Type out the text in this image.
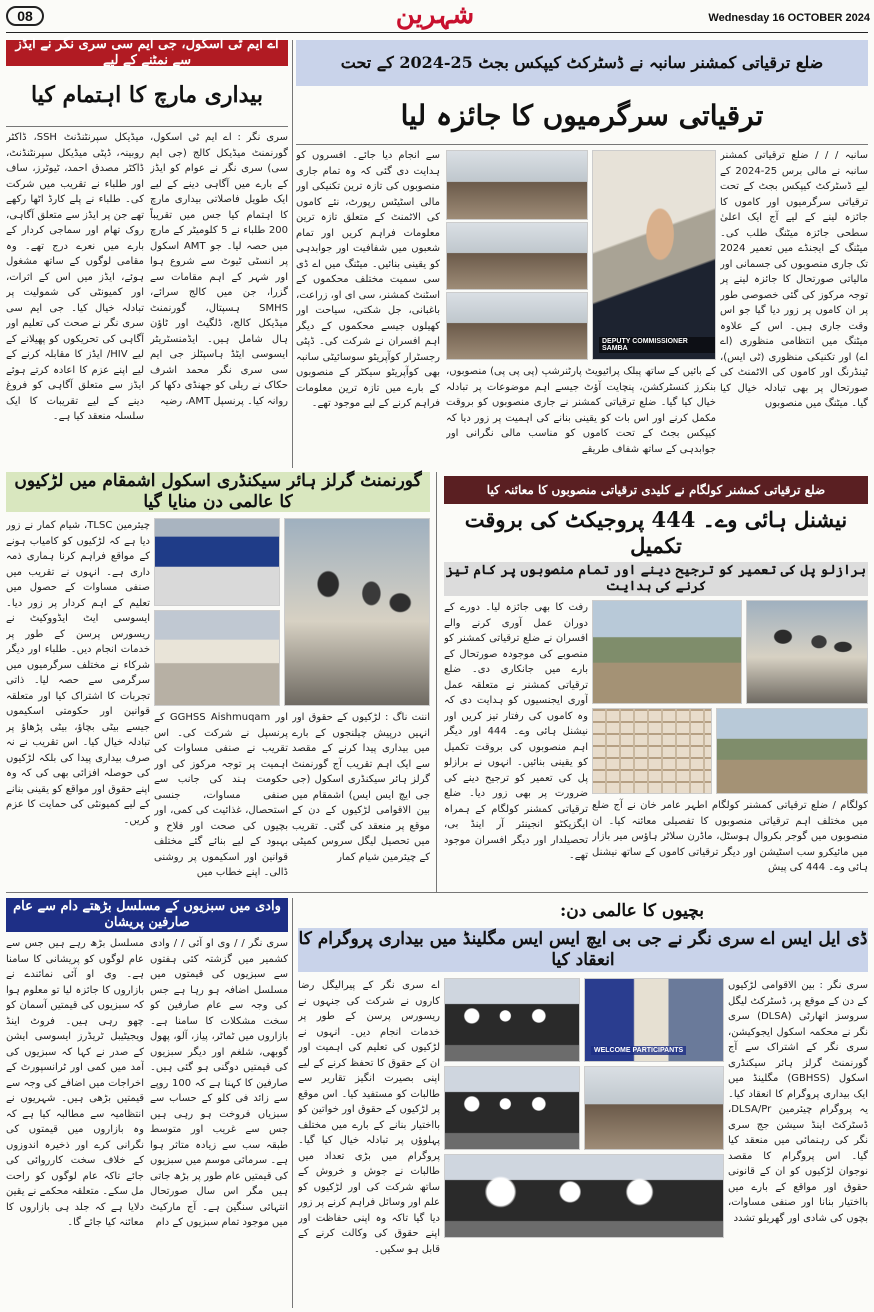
08	شہرین	Wednesday 16 OCTOBER 2024
ضلع ترقیاتی کمشنر سانبہ نے ڈسٹرکٹ کیپکس بجٹ 25-2024 کے تحت
ترقیاتی سرگرمیوں کا جائزہ لیا
سانبہ / / / ضلع ترقیاتی کمشنر سانبہ نے مالی برس 25-2024 کے لیے ڈسٹرکٹ کیپکس بجٹ کے تحت ترقیاتی سرگرمیوں اور کاموں کا جائزہ لینے کے لیے آج ایک اعلیٰ سطحی جائزہ میٹنگ طلب کی۔ میٹنگ کے ایجنڈے میں تعمیر 2024 تک جاری منصوبوں کی جسمانی اور مالیاتی صورتحال کا جائزہ لینے پر توجہ مرکوز کی گئی خصوصی طور پر ان کاموں پر زور دیا گیا جو اس وقت جاری ہیں۔ اس کے علاوہ میٹنگ میں انتظامی منظوری (اے اے) اور تکنیکی منظوری (ٹی ایس)، ٹینڈرنگ اور کاموں کی الاٹمنٹ کی صورتحال پر بھی تبادلہ خیال کیا گیا۔ میٹنگ میں منصوبوں
DEPUTY COMMISSIONER SAMBA
کے بائیں کے ساتھ پبلک پرائیویٹ پارٹنرشپ (پی پی پی) منصوبوں، بنکرز کنسٹرکشن، پنچایت آؤٹ جیسے اہم موضوعات پر تبادلہ خیال کیا گیا۔ ضلع ترقیاتی کمشنر نے جاری منصوبوں کو بروقت مکمل کرنے اور اس بات کو یقینی بنانے کی اہمیت پر زور دیا کہ کیپکس بجٹ کے تحت کاموں کو مناسب مالی نگرانی اور جوابدہی کے ساتھ شفاف طریقے
سے انجام دیا جائے۔ افسروں کو ہدایت دی گئی کہ وہ تمام جاری منصوبوں کی تازہ ترین تکنیکی اور مالی اسٹیٹس رپورٹ، نئے کاموں کی الاٹمنٹ کے متعلق تازہ ترین معلومات فراہم کریں اور تمام شعبوں میں شفافیت اور جوابدہی کو یقینی بنائیں۔ میٹنگ میں اے ڈی سی سمیت مختلف محکموں کے اسٹنٹ کمشنر، سی ای او، زراعت، باغبانی، جل شکتی، سیاحت اور کھیلوں جیسے محکموں کے دیگر اہم افسران نے شرکت کی۔ ڈپٹی رجسٹرار کوآپریٹو سوسائیٹی سانبہ بھی کوآپریٹو سیکٹر کے منصوبوں کے بارے میں تازہ ترین معلومات فراہم کرنے کے لیے موجود تھے۔
اے ایم ٹی اسکول، جی ایم سی سری نگر نے ایڈز سے نمٹنے کے لیے
بیداری مارچ کا اہتمام کیا
سری نگر : اے ایم ٹی اسکول، گورنمنٹ میڈیکل کالج (جی ایم سی) سری نگر نے عوام کو ایڈز کے بارے میں آگاہی دینے کے لیے ایک طویل فاصلاتی بیداری مارچ کا اہتمام کیا جس میں تقریباً 200 طلباء نے 5 کلومیٹر کے مارچ میں حصہ لیا۔ جو AMT اسکول پر انسٹی ٹیوٹ سے شروع ہوا اور شہر کے اہم مقامات سے گزرا، جن میں کالج سرائے، SMHS ہسپتال، گورنمنٹ میڈیکل کالج، ڈلگیٹ اور ٹاؤن ہال شامل ہیں۔ ایڈمنسٹریٹر ایسوسی ایٹڈ ہاسپٹلز جی ایم سی سری نگر محمد اشرف حکاک نے ریلی کو جھنڈی دکھا کر روانہ کیا۔ پرنسپل AMT، رضیہ
میڈیکل سپرنٹنڈنٹ SSH، ڈاکٹر روبینہ، ڈپٹی میڈیکل سپرنٹنڈنٹ، ڈاکٹر مصدق احمد، ٹیوٹرز، ساف اور طلباء نے تقریب میں شرکت کی۔ طلباء نے پلے کارڈ اٹھا رکھے تھے جن پر ایڈز سے متعلق آگاہی، روک تھام اور سماجی کردار کے بارے میں نعرے درج تھے۔ وہ مقامی لوگوں کے ساتھ مشغول ہوئے، ایڈز میں اس کے اثرات، اور کمیونٹی کی شمولیت پر تبادلہ خیال کیا۔ جی ایم سی سری نگر نے صحت کی تعلیم اور آگاہی کی تحریکوں کو پھیلانے کے لیے HIV/ ایڈز کا مقابلہ کرنے کے لیے اپنے عزم کا اعادہ کرتے ہوئے ایڈز سے متعلق آگاہی کو فروغ دینے کے لیے تقریبات کا ایک سلسلہ منعقد کیا ہے۔
گورنمنٹ گرلز ہائر سیکنڈری اسکول اشمقام میں لڑکیوں کا عالمی دن منایا گیا
اننت ناگ : لڑکیوں کے حقوق اور انہیں درپیش چیلنجوں کے بارے میں بیداری پیدا کرنے کے مقصد سے ایک اہم تقریب آج گورنمنٹ گرلز ہائر سیکنڈری اسکول (جی جی ایچ ایس ایس) اشمقام میں بین الاقوامی لڑکیوں کے دن کے موقع پر منعقد کی گئی۔ تقریب میں تحصیل لیگل سروس کمیٹی کے چیئرمین شیام کمار
اور GGHSS Aishmuqam کے پرنسپل نے شرکت کی۔ اس تقریب نے صنفی مساوات کی اہمیت پر توجہ مرکوز کی اور حکومت ہند کی جانب سے صنفی مساوات، جنسی استحصال، غذائیت کی کمی، اور بچیوں کی صحت اور فلاح و بہبود کے لیے بنائے گئے مختلف قوانین اور اسکیموں پر روشنی ڈالی۔ اپنے خطاب میں
چیئرمین TLSC، شیام کمار نے زور دیا ہے کہ لڑکیوں کو کامیاب ہونے کے مواقع فراہم کرنا ہماری ذمہ داری ہے۔ انہوں نے تقریب میں صنفی مساوات کے حصول میں تعلیم کے اہم کردار پر زور دیا۔ ایسوسی ایٹ ایڈووکیٹ نے ریسورس پرسن کے طور پر خدمات انجام دیں۔ طلباء اور دیگر شرکاء نے مختلف سرگرمیوں میں سرگرمی سے حصہ لیا۔ ذاتی تجربات کا اشتراک کیا اور متعلقہ قوانین اور حکومتی اسکیموں جیسے بیٹی بچاؤ، بیٹی پڑھاؤ پر تبادلہ خیال کیا۔ اس تقریب نے نہ صرف بیداری پیدا کی بلکہ لڑکیوں کی حوصلہ افزائی بھی کی کہ وہ اپنے حقوق اور مواقع کو یقینی بنانے کے لیے کمیونٹی کی حمایت کا عزم کریں۔
ضلع ترقیاتی کمشنر کولگام نے کلیدی ترقیاتی منصوبوں کا معائنہ کیا
نیشنل ہائی وے۔ 444 پروجیکٹ کی بروقت تکمیل
برازلو پل کی تعمیر کو ترجیح دینے اور تمام منصوبوں پر کام تیز کرنے کی ہدایت
کولگام / ضلع ترقیاتی کمشنر کولگام اطہر عامر خان نے آج ضلع میں مختلف اہم ترقیاتی منصوبوں کا تفصیلی معائنہ کیا۔ ان منصوبوں میں گوجر بکروال ہوسٹل، ماڈرن سلاٹر ہاؤس میر بازار میں مائیکرو سب اسٹیشن اور دیگر ترقیاتی کاموں کے ساتھ نیشنل ہائی وے۔ 444 کی پیش
رفت کا بھی جائزہ لیا۔ دورے کے دوران عمل آوری کرنے والے افسران نے ضلع ترقیاتی کمشنر کو منصوبے کی موجودہ صورتحال کے بارے میں جانکاری دی۔ ضلع ترقیاتی کمشنر نے متعلقہ عمل آوری ایجنسیوں کو ہدایت دی کہ وہ کاموں کی رفتار تیز کریں اور نیشنل ہائی وے۔ 444 اور دیگر اہم منصوبوں کی بروقت تکمیل کو یقینی بنائیں۔ انہوں نے برازلو پل کی تعمیر کو ترجیح دینے کی ضرورت پر بھی زور دیا۔ ضلع ترقیاتی کمشنر کولگام کے ہمراہ ایگزیکٹو انجینئر آر اینڈ بی، تحصیلدار اور دیگر افسران موجود تھے۔
وادی میں سبزیوں کے مسلسل بڑھتے دام سے عام صارفین پریشان
سری نگر / / وی او آئی / / وادی کشمیر میں گزشتہ کئی ہفتوں سے سبزیوں کی قیمتوں میں مسلسل اضافہ ہو رہا ہے جس کی وجہ سے عام صارفین کو سخت مشکلات کا سامنا ہے۔ بازاروں میں ٹماٹر، پیاز، آلو، پھول گوبھی، شلغم اور دیگر سبزیوں کی قیمتیں دوگنی ہو گئی ہیں۔ صارفین کا کہنا ہے کہ 100 روپے سے زائد فی کلو کے حساب سے سبزیاں فروخت ہو رہی ہیں جس سے غریب اور متوسط طبقہ سب سے زیادہ متاثر ہوا ہے۔ سرمائی موسم میں سبزیوں کی قیمتیں عام طور پر بڑھ جاتی ہیں مگر اس سال صورتحال انتہائی سنگین ہے۔ آج مارکیٹ میں موجود تمام سبزیوں کے دام
مسلسل بڑھ رہے ہیں جس سے عام لوگوں کو پریشانی کا سامنا ہے۔ وی او آئی نمائندے نے بازاروں کا جائزہ لیا تو معلوم ہوا کہ سبزیوں کی قیمتیں آسمان کو چھو رہی ہیں۔ فروٹ اینڈ ویجیٹیبل ٹریڈرز ایسوسی ایشن کے صدر نے کہا کہ سبزیوں کی آمد میں کمی اور ٹرانسپورٹ کے اخراجات میں اضافے کی وجہ سے قیمتیں بڑھی ہیں۔ شہریوں نے انتظامیہ سے مطالبہ کیا ہے کہ وہ بازاروں میں قیمتوں کی نگرانی کرے اور ذخیرہ اندوزوں کے خلاف سخت کارروائی کی جائے تاکہ عام لوگوں کو راحت مل سکے۔ متعلقہ محکمے نے یقین دلایا ہے کہ جلد ہی بازاروں کا معائنہ کیا جائے گا۔
بچیوں کا عالمی دن:
ڈی ایل ایس اے سری نگر نے جی بی ایچ ایس ایس مگلینڈ میں بیداری پروگرام کا انعقاد کیا
سری نگر : بین الاقوامی لڑکیوں کے دن کے موقع پر، ڈسٹرکٹ لیگل سروسز اتھارٹی (DLSA) سری نگر نے محکمہ اسکول ایجوکیشن، سری نگر کے اشتراک سے آج گورنمنٹ گرلز ہائر سیکنڈری اسکول (GBHSS) مگلینڈ میں ایک بیداری پروگرام کا انعقاد کیا۔ یہ پروگرام چیئرمین DLSA/Pr، ڈسٹرکٹ اینڈ سیشن جج سری نگر کی رہنمائی میں منعقد کیا گیا۔ اس پروگرام کا مقصد نوجوان لڑکیوں کو ان کے قانونی حقوق اور مواقع کے بارے میں بااختیار بنانا اور صنفی مساوات، بچوں کی شادی اور گھریلو تشدد
WELCOME PARTICIPANTS
اے سری نگر کے پیرالیگل رضا کاروں نے شرکت کی جنہوں نے ریسورس پرسن کے طور پر خدمات انجام دیں۔ انہوں نے لڑکیوں کی تعلیم کی اہمیت اور ان کے حقوق کا تحفظ کرنے کے لیے اپنی بصیرت انگیز تقاریر سے طالبات کو مستفید کیا۔ اس موقع پر لڑکیوں کے حقوق اور خواتین کو بااختیار بنانے کے بارے میں مختلف پہلوؤں پر تبادلہ خیال کیا گیا۔ پروگرام میں بڑی تعداد میں طالبات نے جوش و خروش کے ساتھ شرکت کی اور لڑکیوں کو علم اور وسائل فراہم کرنے پر زور دیا گیا تاکہ وہ اپنی حفاظت اور اپنے حقوق کی وکالت کرنے کے قابل ہو سکیں۔
